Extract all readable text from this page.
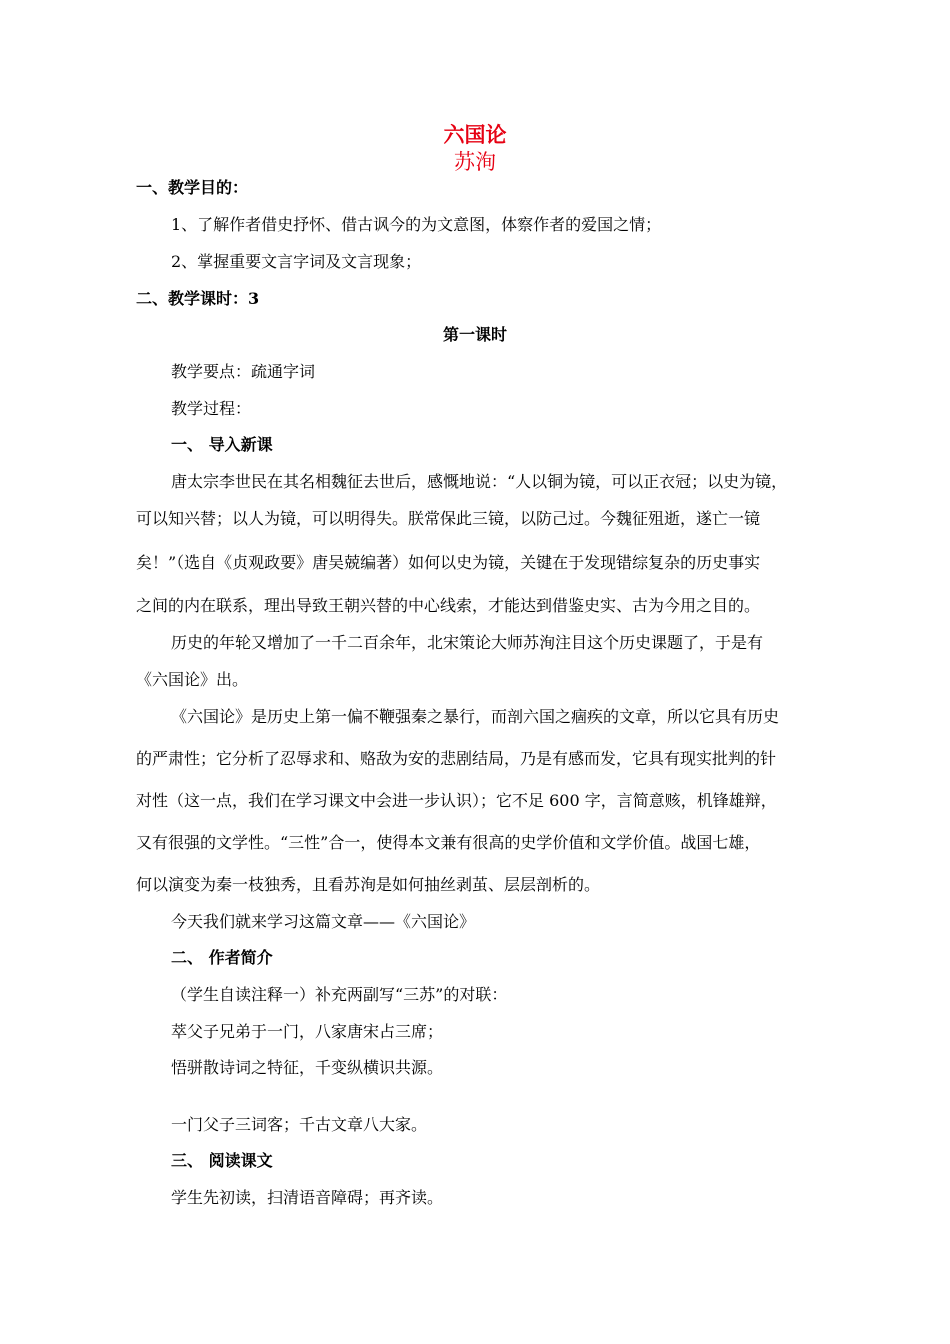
六国论
苏洵
一、教学目的：
1、了解作者借史抒怀、借古讽今的为文意图，体察作者的爱国之情；
2、掌握重要文言字词及文言现象；
二、教学课时：3
第一课时
教学要点：疏通字词
教学过程：
一、 导入新课
唐太宗李世民在其名相魏征去世后，感慨地说：“人以铜为镜，可以正衣冠；以史为镜，
可以知兴替；以人为镜，可以明得失。朕常保此三镜，以防己过。今魏征殂逝，遂亡一镜
矣！”（选自《贞观政要》唐吴兢编著）如何以史为镜，关键在于发现错综复杂的历史事实
之间的内在联系，理出导致王朝兴替的中心线索，才能达到借鉴史实、古为今用之目的。
历史的年轮又增加了一千二百余年，北宋策论大师苏洵注目这个历史课题了，于是有
《六国论》出。
《六国论》是历史上第一偏不鞭强秦之暴行，而剖六国之痼疾的文章，所以它具有历史
的严肃性；它分析了忍辱求和、赂敌为安的悲剧结局，乃是有感而发，它具有现实批判的针
对性（这一点，我们在学习课文中会进一步认识）；它不足 600 字，言简意赅，机锋雄辩，
又有很强的文学性。“三性”合一，使得本文兼有很高的史学价值和文学价值。战国七雄，
何以演变为秦一枝独秀，且看苏洵是如何抽丝剥茧、层层剖析的。
今天我们就来学习这篇文章——《六国论》
二、 作者简介
（学生自读注释一）补充两副写“三苏”的对联：
萃父子兄弟于一门，八家唐宋占三席；
悟骈散诗词之特征，千变纵横识共源。
一门父子三词客；千古文章八大家。
三、 阅读课文
学生先初读，扫清语音障碍；再齐读。
